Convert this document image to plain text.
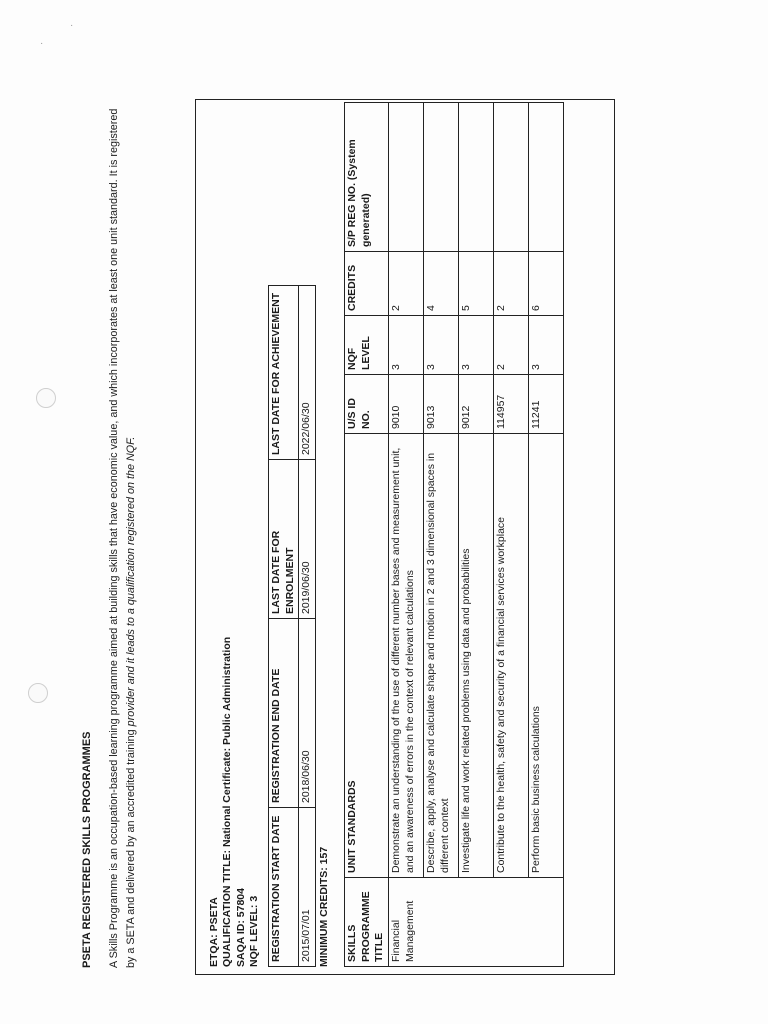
·
·

PSETA REGISTERED SKILLS PROGRAMMES A Skills Programme is an occupation-based learning programme aimed at building skills that have economic value, and which incorporates at least one unit standard. It is registered by a SETA and delivered by an accredited training provider and it leads to a qualification registered on the NQF.

ETQA: PSETA QUALIFICATION TITLE: National Certificate: Public Administration SAQA ID: 57804 NQF LEVEL: 3 REGISTRATION START DATE	REGISTRATION END DATE	LAST DATE FOR ENROLMENT	LAST DATE FOR ACHIEVEMENT
2015/07/01	2018/06/30	2019/06/30	2022/06/30
MINIMUM CREDITS: 157 SKILLS PROGRAMME TITLE	UNIT STANDARDS	U/S ID NO.	NQF LEVEL	CREDITS	S/P REG NO. (System generated)
Financial Management	Demonstrate an understanding of the use of different number bases and measurement unit, and an awareness of errors in the context of relevant calculations	9010	3	2	
	Describe, apply, analyse and calculate shape and motion in 2 and 3 dimensional spaces in different context	9013	3	4	
	Investigate life and work related problems using data and probabilities	9012	3	5	
	Contribute to the health, safety and security of a financial services workplace	114957	2	2	
	Perform basic business calculations	11241	3	6	
